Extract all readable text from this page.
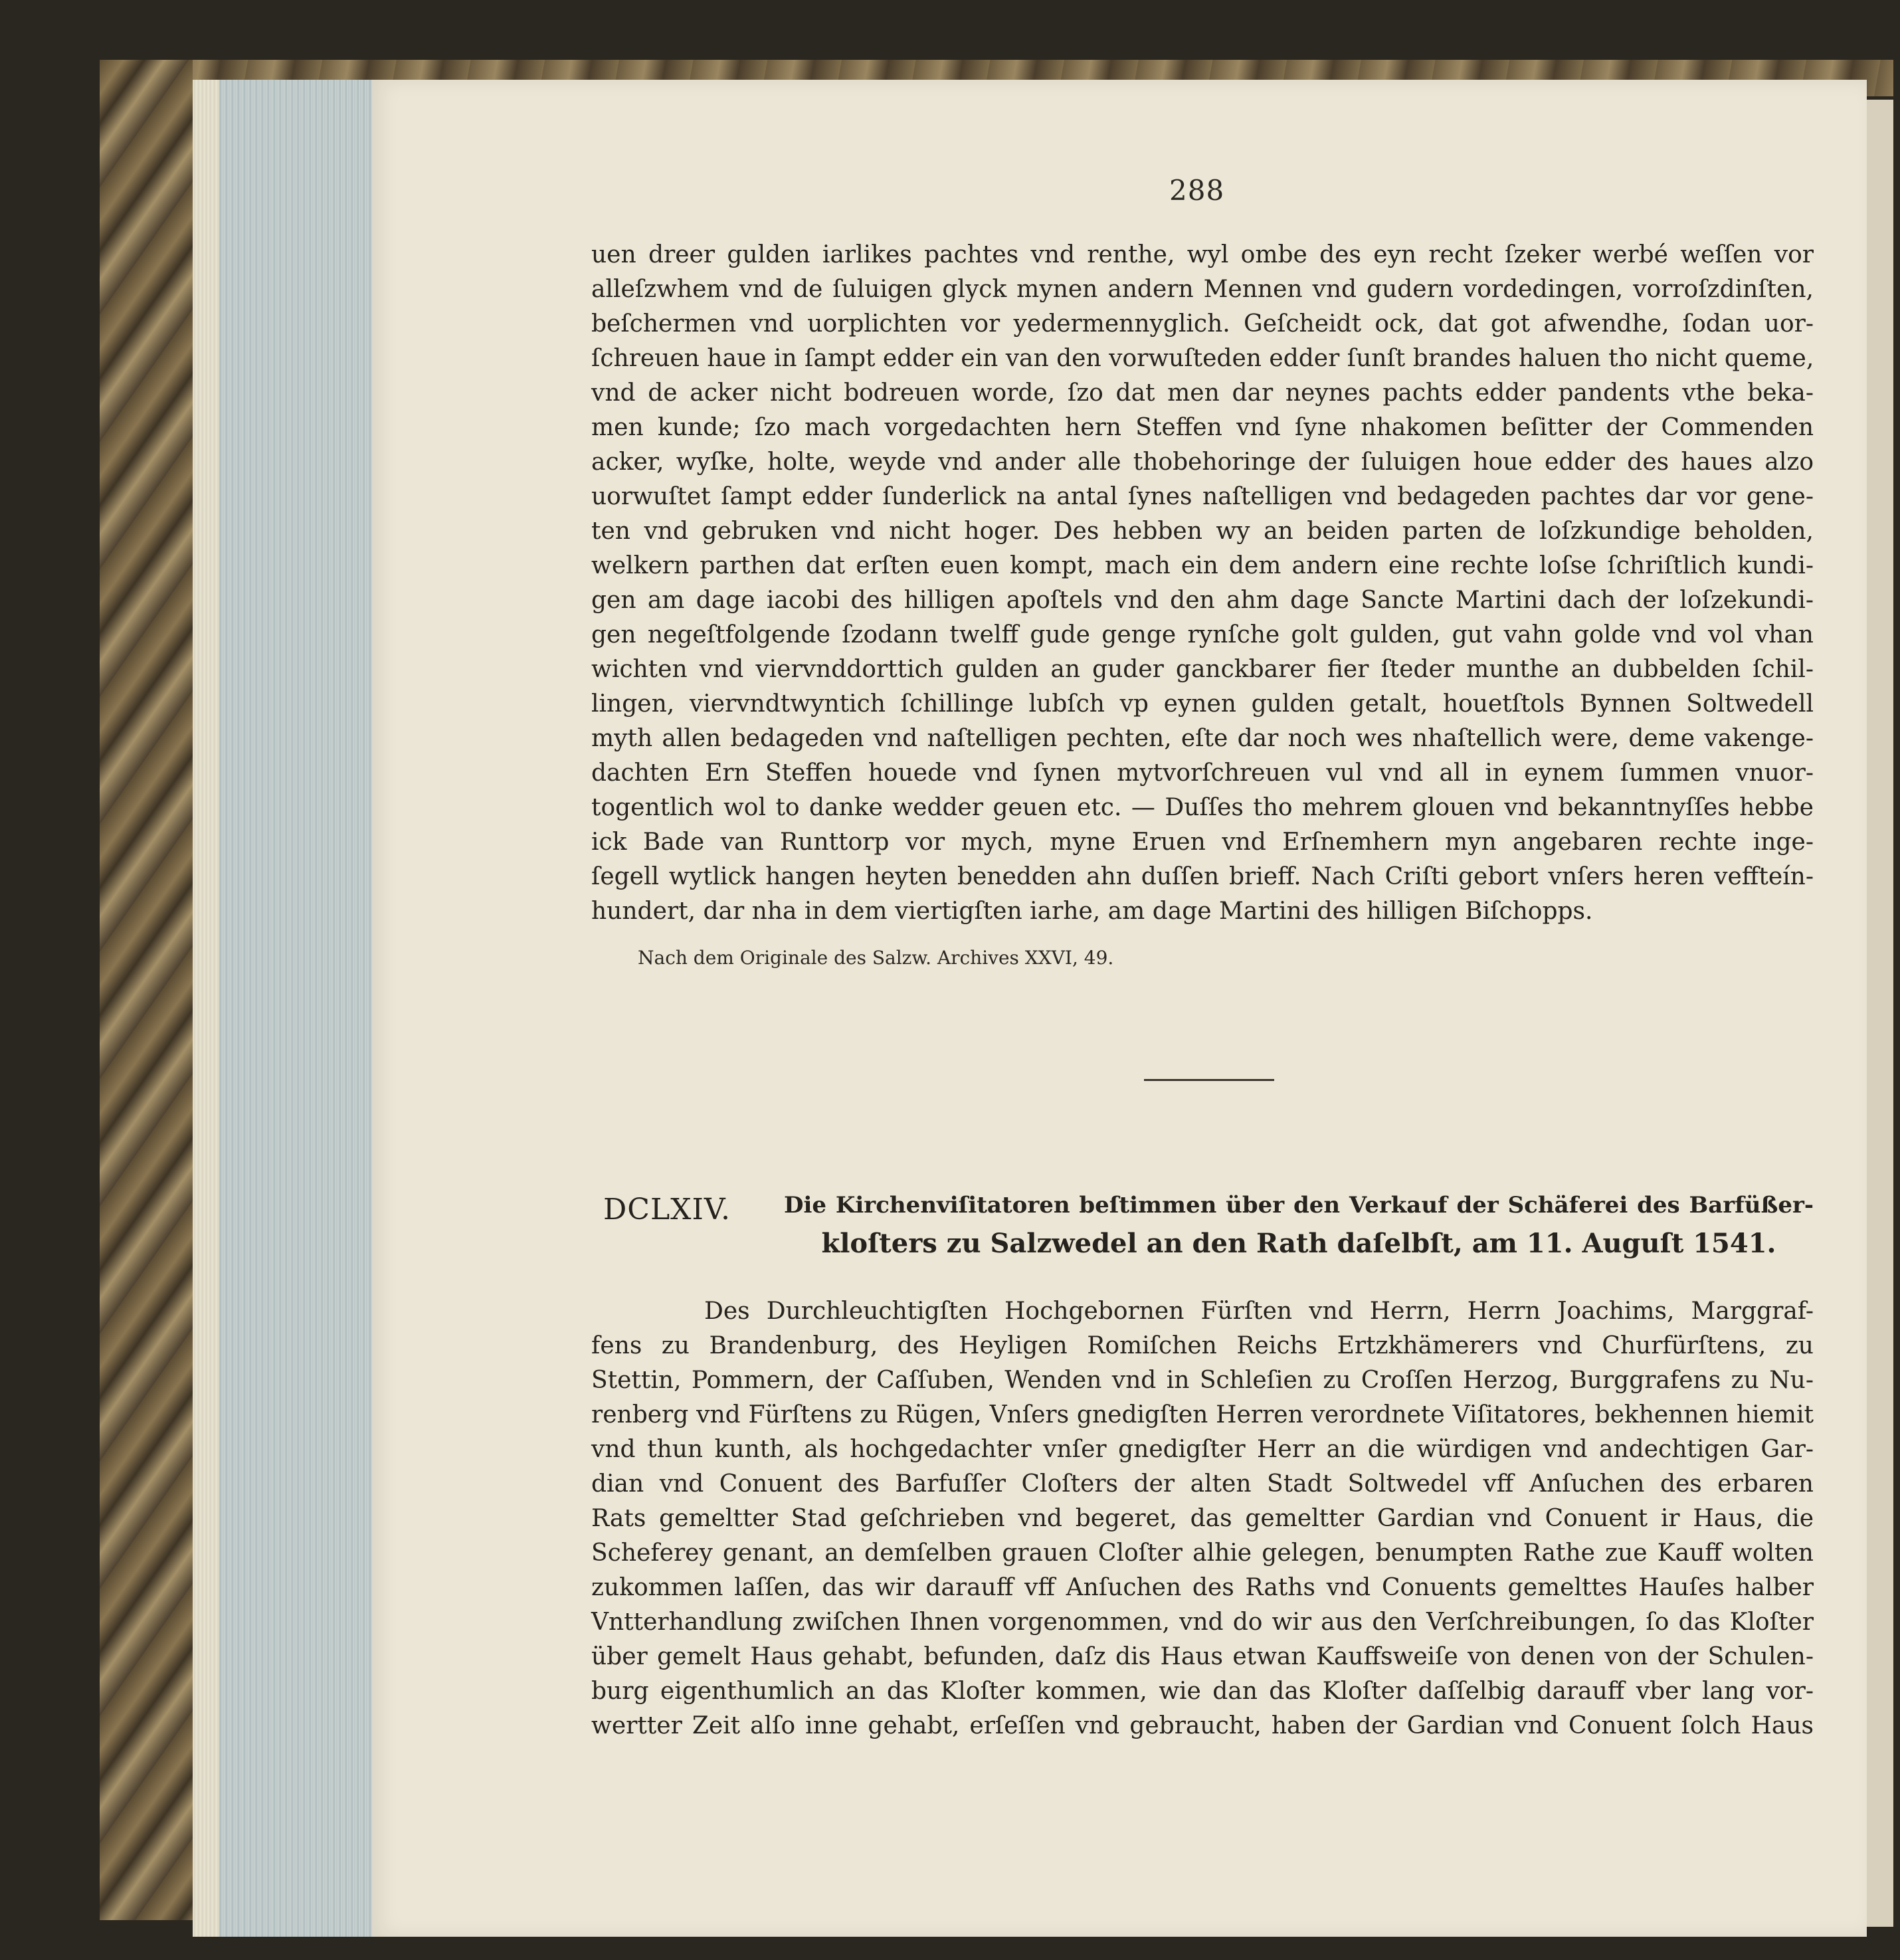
288
uen dreer gulden iarlikes pachtes vnd renthe, wyl ombe des eyn recht ſzeker werbé weſſen vor
alleſzwhem vnd de ſuluigen glyck mynen andern Mennen vnd gudern vordedingen, vorroſzdinſten,
beſchermen vnd uorplichten vor yedermennyglich. Geſcheidt ock, dat got afwendhe, ſodan uor-
ſchreuen haue in ſampt edder ein van den vorwuſteden edder ſunſt brandes haluen tho nicht queme,
vnd de acker nicht bodreuen worde, ſzo dat men dar neynes pachts edder pandents vthe beka-
men kunde; ſzo mach vorgedachten hern Steffen vnd ſyne nhakomen beſitter der Commenden
acker, wyſke, holte, weyde vnd ander alle thobehoringe der ſuluigen houe edder des haues alzo
uorwuſtet ſampt edder ſunderlick na antal ſynes naſtelligen vnd bedageden pachtes dar vor gene-
ten vnd gebruken vnd nicht hoger. Des hebben wy an beiden parten de loſzkundige beholden,
welkern parthen dat erſten euen kompt, mach ein dem andern eine rechte loſse ſchriſtlich kundi-
gen am dage iacobi des hilligen apoſtels vnd den ahm dage Sancte Martini dach der loſzekundi-
gen negeſtfolgende ſzodann twelff gude genge rynſche golt gulden, gut vahn golde vnd vol vhan
wichten vnd viervnddorttich gulden an guder ganckbarer fier ſteder munthe an dubbelden ſchil-
lingen, viervndtwyntich ſchillinge lubſch vp eynen gulden getalt, houetſtols Bynnen Soltwedell
myth allen bedageden vnd naſtelligen pechten, eſte dar noch wes nhaſtellich were, deme vakenge-
dachten Ern Steffen houede vnd ſynen mytvorſchreuen vul vnd all in eynem ſummen vnuor-
togentlich wol to danke wedder geuen etc. — Duſſes tho mehrem glouen vnd bekanntnyſſes hebbe
ick Bade van Runttorp vor mych, myne Eruen vnd Erſnemhern myn angebaren rechte inge-
ſegell wytlick hangen heyten benedden ahn duſſen brieff. Nach Criſti gebort vnſers heren veffteín-
hundert, dar nha in dem viertigſten iarhe, am dage Martini des hilligen Biſchopps.
Nach dem Originale des Salzw. Archives XXVI, 49.
DCLXIV. Die Kirchenviſitatoren beſtimmen über den Verkauf der Schäferei des Barfüßer-
kloſters zu Salzwedel an den Rath daſelbſt, am 11. Auguſt 1541.
Des Durchleuchtigſten Hochgebornen Fürſten vnd Herrn, Herrn Joachims, Marggraf-
fens zu Brandenburg, des Heyligen Romiſchen Reichs Ertzkhämerers vnd Churfürſtens, zu
Stettin, Pommern, der Caſſuben, Wenden vnd in Schleſien zu Croſſen Herzog, Burggrafens zu Nu-
renberg vnd Fürſtens zu Rügen, Vnſers gnedigſten Herren verordnete Viſitatores, bekhennen hiemit
vnd thun kunth, als hochgedachter vnſer gnedigſter Herr an die würdigen vnd andechtigen Gar-
dian vnd Conuent des Barfuſſer Cloſters der alten Stadt Soltwedel vff Anſuchen des erbaren
Rats gemeltter Stad geſchrieben vnd begeret, das gemeltter Gardian vnd Conuent ir Haus, die
Scheferey genant, an demſelben grauen Cloſter alhie gelegen, benumpten Rathe zue Kauff wolten
zukommen laſſen, das wir darauff vff Anſuchen des Raths vnd Conuents gemelttes Hauſes halber
Vntterhandlung zwiſchen Ihnen vorgenommen, vnd do wir aus den Verſchreibungen, ſo das Kloſter
über gemelt Haus gehabt, befunden, daſz dis Haus etwan Kauffsweiſe von denen von der Schulen-
burg eigenthumlich an das Kloſter kommen, wie dan das Kloſter daſſelbig darauff vber lang vor-
wertter Zeit alſo inne gehabt, erſeſſen vnd gebraucht, haben der Gardian vnd Conuent ſolch Haus
